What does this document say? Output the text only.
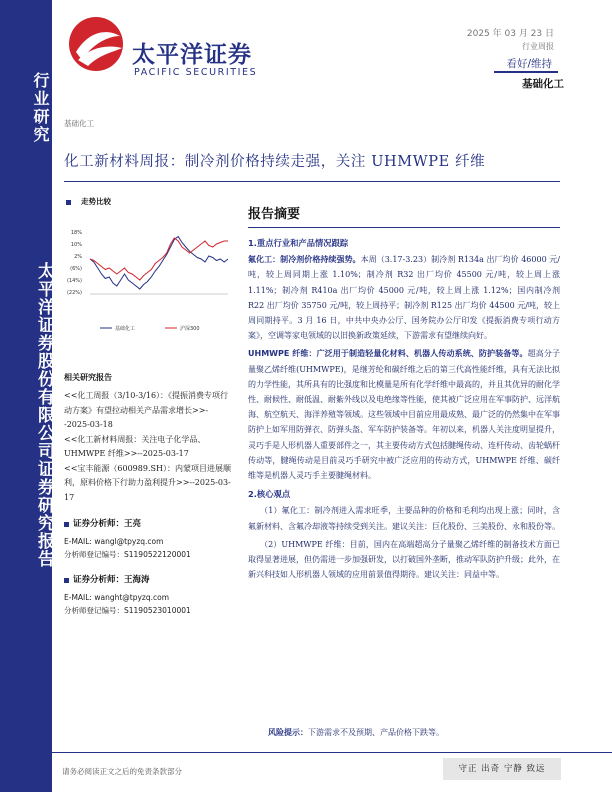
行业研究
太平洋证券股份有限公司证券研究报告
太平洋证券
PACIFIC SECURITIES
2025 年 03 月 23 日
行业周报
看好/维持
基础化工
基础化工
化工新材料周报：制冷剂价格持续走强，关注 UHMWPE 纤维
走势比较
18%
10%
2%
(6%)
(14%)
(22%)
基础化工	沪深300
相关研究报告

<<化工周报（3/10-3/16）：《提振消费专项行动方案》有望拉动相关产品需求增长>>--2025-03-18

<<化工新材料周报：关注电子化学品、UHMWPE 纤维>>--2025-03-17

<<宝丰能源（600989.SH）：内蒙项目进展顺利，原料价格下行助力盈利提升>>--2025-03-17

证券分析师：王亮
E-MAIL: wangl@tpyzq.com
分析师登记编号：S1190522120001
证券分析师：王海涛
E-MAIL: wanght@tpyzq.com
分析师登记编号：S1190523010001
报告摘要

1.重点行业和产品情况跟踪

氟化工：制冷剂价格持续强势。本周（3.17-3.23）制冷剂 R134a 出厂均价 46000 元/吨，较上周同期上涨 1.10%；制冷剂 R32 出厂均价 45500 元/吨，较上周上涨 1.11%；制冷剂 R410a 出厂均价 45000 元/吨，较上周上涨 1.12%；国内制冷剂 R22 出厂均价 35750 元/吨，较上周持平；制冷剂 R125 出厂均价 44500 元/吨，较上周同期持平。3 月 16 日，中共中央办公厅、国务院办公厅印发《提振消费专项行动方案》，空调等家电领域的以旧换新政策延续，下游需求有望继续向好。

UHMWPE 纤维：广泛用于制造轻量化材料、机器人传动系统、防护装备等。超高分子量聚乙烯纤维(UHMWPE)，是继芳纶和碳纤维之后的第三代高性能纤维，具有无法比拟的力学性能，其所具有的比强度和比模量是所有化学纤维中最高的，并且其优异的耐化学性、耐候性、耐低温、耐紫外线以及电绝缘等性能，使其被广泛应用在军事防护、远洋航海、航空航天、海洋养殖等领域。这些领域中目前应用最成熟、最广泛的仍然集中在军事防护上如军用防弹衣、防弹头盔、军车防护装备等。年初以来，机器人关注度明显提升，灵巧手是人形机器人重要部件之一，其主要传动方式包括腱绳传动、连杆传动、齿轮蜗杆传动等，腱绳传动是目前灵巧手研究中被广泛应用的传动方式，UHMWPE 纤维、碳纤维等是机器人灵巧手主要腱绳材料。

2.核心观点

（1）氟化工：制冷剂进入需求旺季，主要品种的价格和毛利均出现上涨；同时，含氟新材料、含氟冷却液等持续受到关注。建议关注：巨化股份、三美股份、永和股份等。

（2）UHMWPE 纤维：目前，国内在高端超高分子量聚乙烯纤维的制备技术方面已取得显著进展，但仍需进一步加强研发，以打破国外垄断，推动军队防护升级；此外，在新兴科技如人形机器人领域的应用前景值得期待。建议关注：同益中等。

风险提示：下游需求不及预期、产品价格下跌等。
请务必阅读正文之后的免责条款部分	守正 出奇 宁静 致远
